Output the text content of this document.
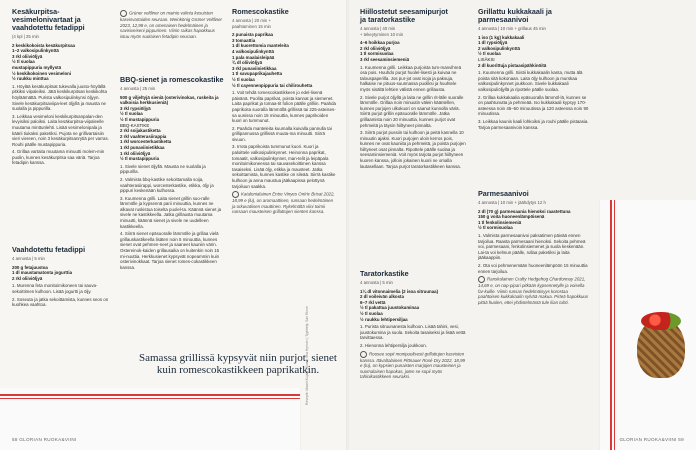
Kesäkurpitsa-
vesimelonivartaat ja
vaahdotettu fetadippi
(4 kpl | 25 min
2 keskikokoista kesäkurpitsaa
1–2 valkosipulinkynttä
3 rkl oliiviöljyä
½ tl suolaa
mustapippuria myllystä
½ keskikokoinen vesimeloni
½ ruukku minttua

1. Höylää kesäkurpitsat tukevalla juusto-höylällä pitkiksi viipaleiksi. Jätä keskikurpitsan keskikohta höyläämättä. Purista valkosipulinkynsi öljyyn. Sivele kesäkurpitsaviipa-leet öljyllä ja mausta ne suolalla ja pippurilla.

3. Leikkaa vesimeloni keskikurpitsanpalan-den levyisiksi paloiksi. Laita kesäkurpitsa-viipaleelle muutama minttunlehti. Lisää vesimelonipala ja käärii tiukaksi paketiksi. Pujota ne grillivartaisiin vieri viereen, noin 3 kesäkurpitsanrytiä per varras. Rouhi päälle mustapippuria.

4. Grillaa vartaita muutama minuutti molem-min puolin, kunnes kesäkurpitsa saa väriä. Tarjoa fetadipin kanssa.

Vaahdotettu fetadippi
4 annosta | 5 min
200 g fetajuustoa
1 dl maustamatonta jogurttia
2 rkl oliiviöljyä

1. Murenna feta monitoimikoneen tai sauva-sekoittimen kulhoon. Lisää jogurtti ja öljy.

2. Soseuta ja jatka sekoittamista, kunnes seos on kuohkea vaahtoa.

Grüner veltliner on mainio valinta kesuisten kasvisvartaiden seuraan. Weinkönig Grüner Veltliner 2023, 12,98 e, on omenaisen hedelmäinen ja savisiveiseni pippurinen. Viinin raikas hapokkuus istuu myös suolaisen fetadipin seuraan.

BBQ-sienet ja romescokastike
4 annosta | 25 min
500 g viljeltyjä sieniä (osterivinokas, ruskeita ja valkoisia herkkusieniä)
3 rkl rypsiöljyä
½ tl suolaa
½ tl mustapippuria
BBQ-KASTIKE
2 rkl soijakastiketta
2 rkl vaahterasiirappia
1 rkl worcesterkastiketta
1 rkl punaviinietikkaa
1 rkl oliiviöljyä
½ tl mustapippuria

1. Sivele sienet öljyllä. Mausta ne suolalla ja pippurilla.

2. Valmista bbq-kastike sekoittamalla soija, vaahterasiirappi, worcesterkastike, etikka, öljy ja pippuri keskenään kulhossa.

3. Kuumenna grilli. Laita sienet grillin suo-ralle lämmölle ja kypsennä parii minuuttia, kunnes ne alkavat ruskistua toiselta puolel-ta. Käännä sienet ja sivele ne kastikkeella. Jatka grillausta muutama minuutti, käännä sienet ja sivele ne uudelleen kastikkeella.

4. Siirrä sienet epäsuoralle lämmölle ja grillaa vielä grillauskastikeella lisäten noin 5 minuuttia, kunnes sienet ovat pehmen-neet ja saaneet kauniin värin. Ostereinok-kaiden grillausaika on kuitenkin noin 15 mi-nuuttia. Herkkusienet kypsyvät nopeammin kuin osterivinokkaat. Tarjoa sienet romes-cokastikkeen kanssa.

Romescokastike
4 annosta | 20 min +
paahtaminen 15 min
2 punaista paprikaa
3 tomaattia
1 dl kuorettomia manteleita
4 valkosipulinkynttä
1 pala maalaisleipää
¾ dl oliiviöljyä
3 rkl punaviinietikkaa
1 tl savupaprikajauhetta
½ tl suolaa
½ tl cayennenpippuria tai chilirouhetta

1. Voit tehdä romescokastikkeen jo edel-lisenä päivänä. Puolita paprikat, poista kannat ja siemenet. Laita paprikat ja tomaa-tit folion päälle grilliin. Paahda paprikoita suoralla lämmöllä grillissä tai 225-asteises-sa uunissa noin 15 minuuttia, kunnes paprikoiden kuori on tummunut.

2. Paahda manteleita kuumalla kuivalla pannulla tai grillipannussa grillissä muuta-ma minuutti. Siirrä sivuun.

3. Irrota paprikoista tummunut kuori. Kuori ja paloittele valkosipulinkynnet. Heinonna paprikat, tomaatit, valkosipulinkynnet, man-telit ja leipäpala monitoimikoneessa tai sauvasekoittimen kanssa tasaiseksi. Lisää öljy, etikka ja mausteet. Jatka sekoittamista, kunnes kastike on sileää. Siirrä kastike kulhoon ja anna maustua jääkaapissa pelottynä tarjoiluun saakka.

Katalonialainen Entre Vinyes Oníric Brisat 2022, 18,99 e (lu), on aromaattinen, runsaan hedelmäinen ja orkuvatiisen mauttinen. Rykelmältä viini toimii runsaan mausteisen grillattujen sienten kanssa.

Samassa grillissä kypsyvät niin purjot, sienet
kuin romescokastikkeen paprikatkin.
Reseptit: Maarit Kujala | Kuvat: Mia Hyrinen | Tyylittely: Sari Rinne
58 GLORIAN RUOKA&VIINI
Hiillostetut seesamipurjot
ja taratorkastike
4 annosta | 40 min
+ tekeytyminen 10 min
4–6 hoikkaa purjoa
2 rkl oliiviöljyä
1 tl sormisuolaa
3 rkl seesaminsiemeniä

1. Kuumenna grilli. Leikkaa purjoista tum-manvihreä osa pois. Huuhdo purjot huolel-lisesti ja kuivaa ne talouspaperilla. Jos pur-jot ovat isoja ja paksuja, halkaise ne pituus-suunnassa puoliksi ja huuhtele myös sisältä lehtien välistä ennen grillausta.

2. Sivele purjot öljyllä ja laita ne grillin rit-lälle suoralle lämmölle. Grillaa noin minuutin välein kääntellen, kunnes purjojen ulkokuori on saanut kunnolla väriä. Siirrä purjot grillin epäsuoralle lämmölle. Jatka grillaamista noin 20 minuuttia, kunnes purjot ovat pehmeitä ja täysin hiiltyneet pinnalta.

3. Siirrä purjot pussiin tai kulhoon ja peitä kannella 10 minuutin ajaksi. Kuori purjojen uloin kerros pois, kunnes ne ovat kauniita ja pehmeitä, ja poista purjojen hiiltyneet osat pinnalta. Ripottele päälle suolaa ja seesaminsiemeniä. Voit myös tarjota purjot hiiltyneen kuoren kanssa, jolloin jokainen kuorii ne omalla lautasellaan. Tarjoa purjot taratorkastikkeen kanssa.

Taratorkastike
4 annosta | 5 min
1¼ dl vitonnaimelia (2 isoa sitruunaa)
2 dl voileivän alkosta
6–7 rkl vettä
½ tl pakattua juustokuminaa
½ tl suolaa
½ ruukku lehtipersiljaa

1. Purista sitruunanesta kulhoon. Lisää tahini, vesi, juustokumina ja suola. Sekoita tasaiseksi ja lisää vettä tarvittaessa.

2. Hienonna lehtipersilja joukkoon.

Roosee sopii monipuolisesti grillattujen kasvisten kanssa. Itävaltalainen Pittnauer Rosé Dry 2022, 18,99 e (tu), on kypsien punaisten marjojen mausteinen ja suomalaisen hapokas, joten se sopii myös tahinikastikkeen seuraksi.

Grillattu kukkakaali ja
parmesaanivoi
4 annosta | 10 min + grillaus 45 min
1 iso (1 kg) kukkakaali
1 dl rypsiöljyä
2 valkosipulinkynttä
½ tl suolaa
LISÄKSI
2 dl kuorittuja pistaasipähkinöitä

1. Kuumenna grilli. Siistii kukkakaalin kanta, mutta älä poista sitä kokonaan. Laita öljy kulhoon ja murskaa valkosipulinkynnet joukkoon. Sivele kukkakaali valkosipuliöljyllä ja ripottele päälle suolaa.

2. Grillaa kukkakaalia epäsuoralla lämmöl-lä, kunnes se on paahtunutta ja pehmeää. Iso kukkakaali kypsyy 170-asteessa noin 45–60 minuutissa ja 120 asteessa noin 90 minuutissa.

3. Leikkaa kaunis kaali lohkoiksi ja rouhi päälle pistaasia. Tarjoa parmesaanivoin kanssa.

Parmesaanivoi
4 annosta | 10 min + jäähdytys 12 h
2 dl (70 g) parmesaania hienoksi raastettuna
150 g voita huoneenlämpöisenä
1 tl fenkolinsiemeniä
½ tl sormisuolaa

1. Valmista parmesaanivoi paksatimen päivää ennen tarjoilua. Raasta parmesaani hienoksi. Sekoita pehmeä voi, parmesaani, fenkolinsiemenet ja suola keskenään. Lai-ta voi kelmun päälle, rullaa paketiksi ja laita jääkaappiin.

2. Ota voi pehmenemään huoneenlämpöön 15 minuuttia ennen tarjoilua.

Ranskalainen Crafty Hedgehog Chardonnay 2021, 14,69 e, on nap-pipari pitkään kypsennetylle ja voisella far-kuille. Viinin runsas hedelmäisyys korostaa paahtoisen kukkakaalin sylvää makua. Pirteä hapokkuus pitää huolen, ettei yhdistelmästä tule liian tuhti.

GLORIAN RUOKA&VIINI 59
